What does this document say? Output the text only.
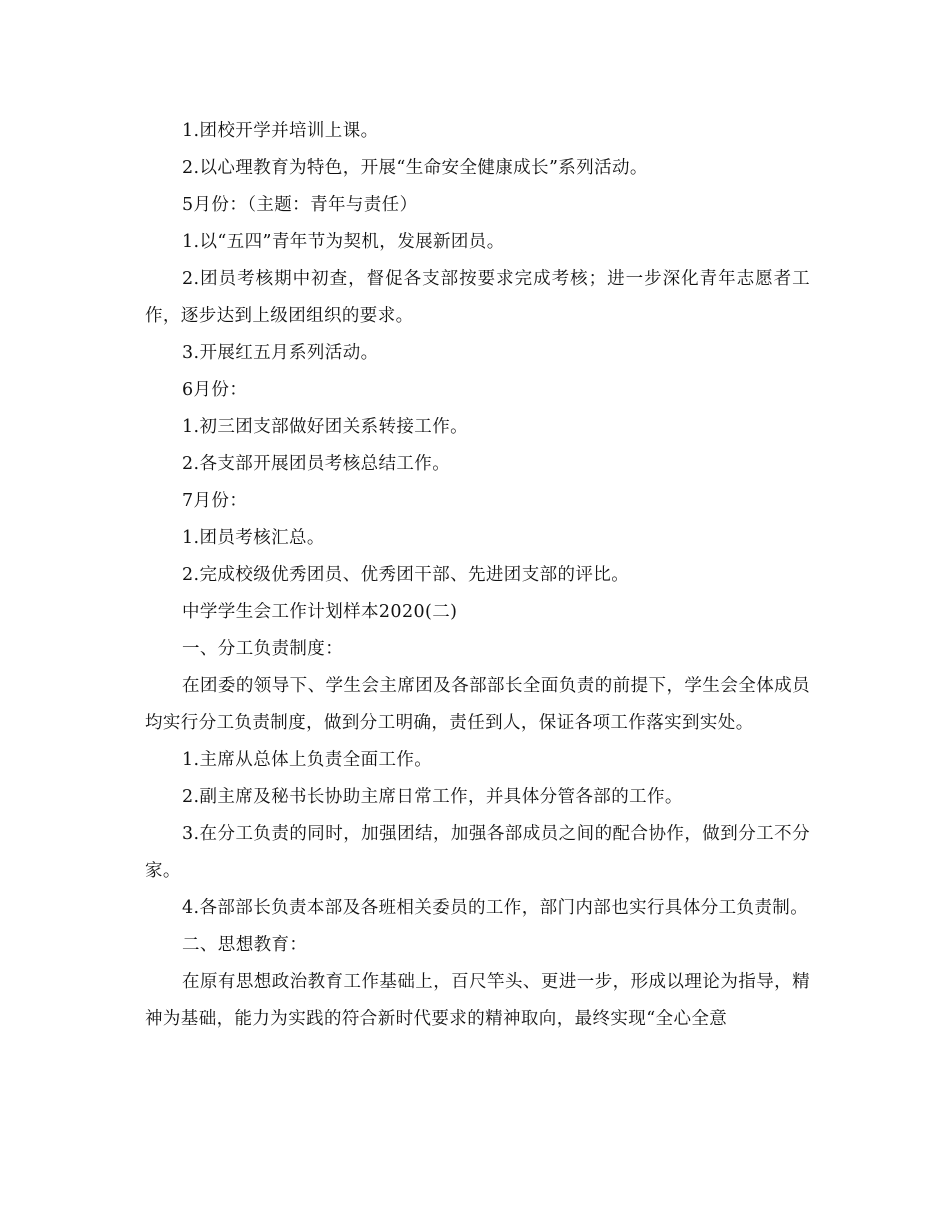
1.团校开学并培训上课。

2.以心理教育为特色，开展“生命安全健康成长”系列活动。

5月份：（主题：青年与责任）

1.以“五四”青年节为契机，发展新团员。

2.团员考核期中初查，督促各支部按要求完成考核；进一步深化青年志愿者工作，逐步达到上级团组织的要求。

3.开展红五月系列活动。

6月份：

1.初三团支部做好团关系转接工作。

2.各支部开展团员考核总结工作。

7月份：

1.团员考核汇总。

2.完成校级优秀团员、优秀团干部、先进团支部的评比。

中学学生会工作计划样本2020(二)

一、分工负责制度：

在团委的领导下、学生会主席团及各部部长全面负责的前提下，学生会全体成员均实行分工负责制度，做到分工明确，责任到人，保证各项工作落实到实处。

1.主席从总体上负责全面工作。

2.副主席及秘书长协助主席日常工作，并具体分管各部的工作。

3.在分工负责的同时，加强团结，加强各部成员之间的配合协作，做到分工不分家。

4.各部部长负责本部及各班相关委员的工作，部门内部也实行具体分工负责制。

二、思想教育：

在原有思想政治教育工作基础上，百尺竿头、更进一步，形成以理论为指导，精神为基础，能力为实践的符合新时代要求的精神取向，最终实现“全心全意
